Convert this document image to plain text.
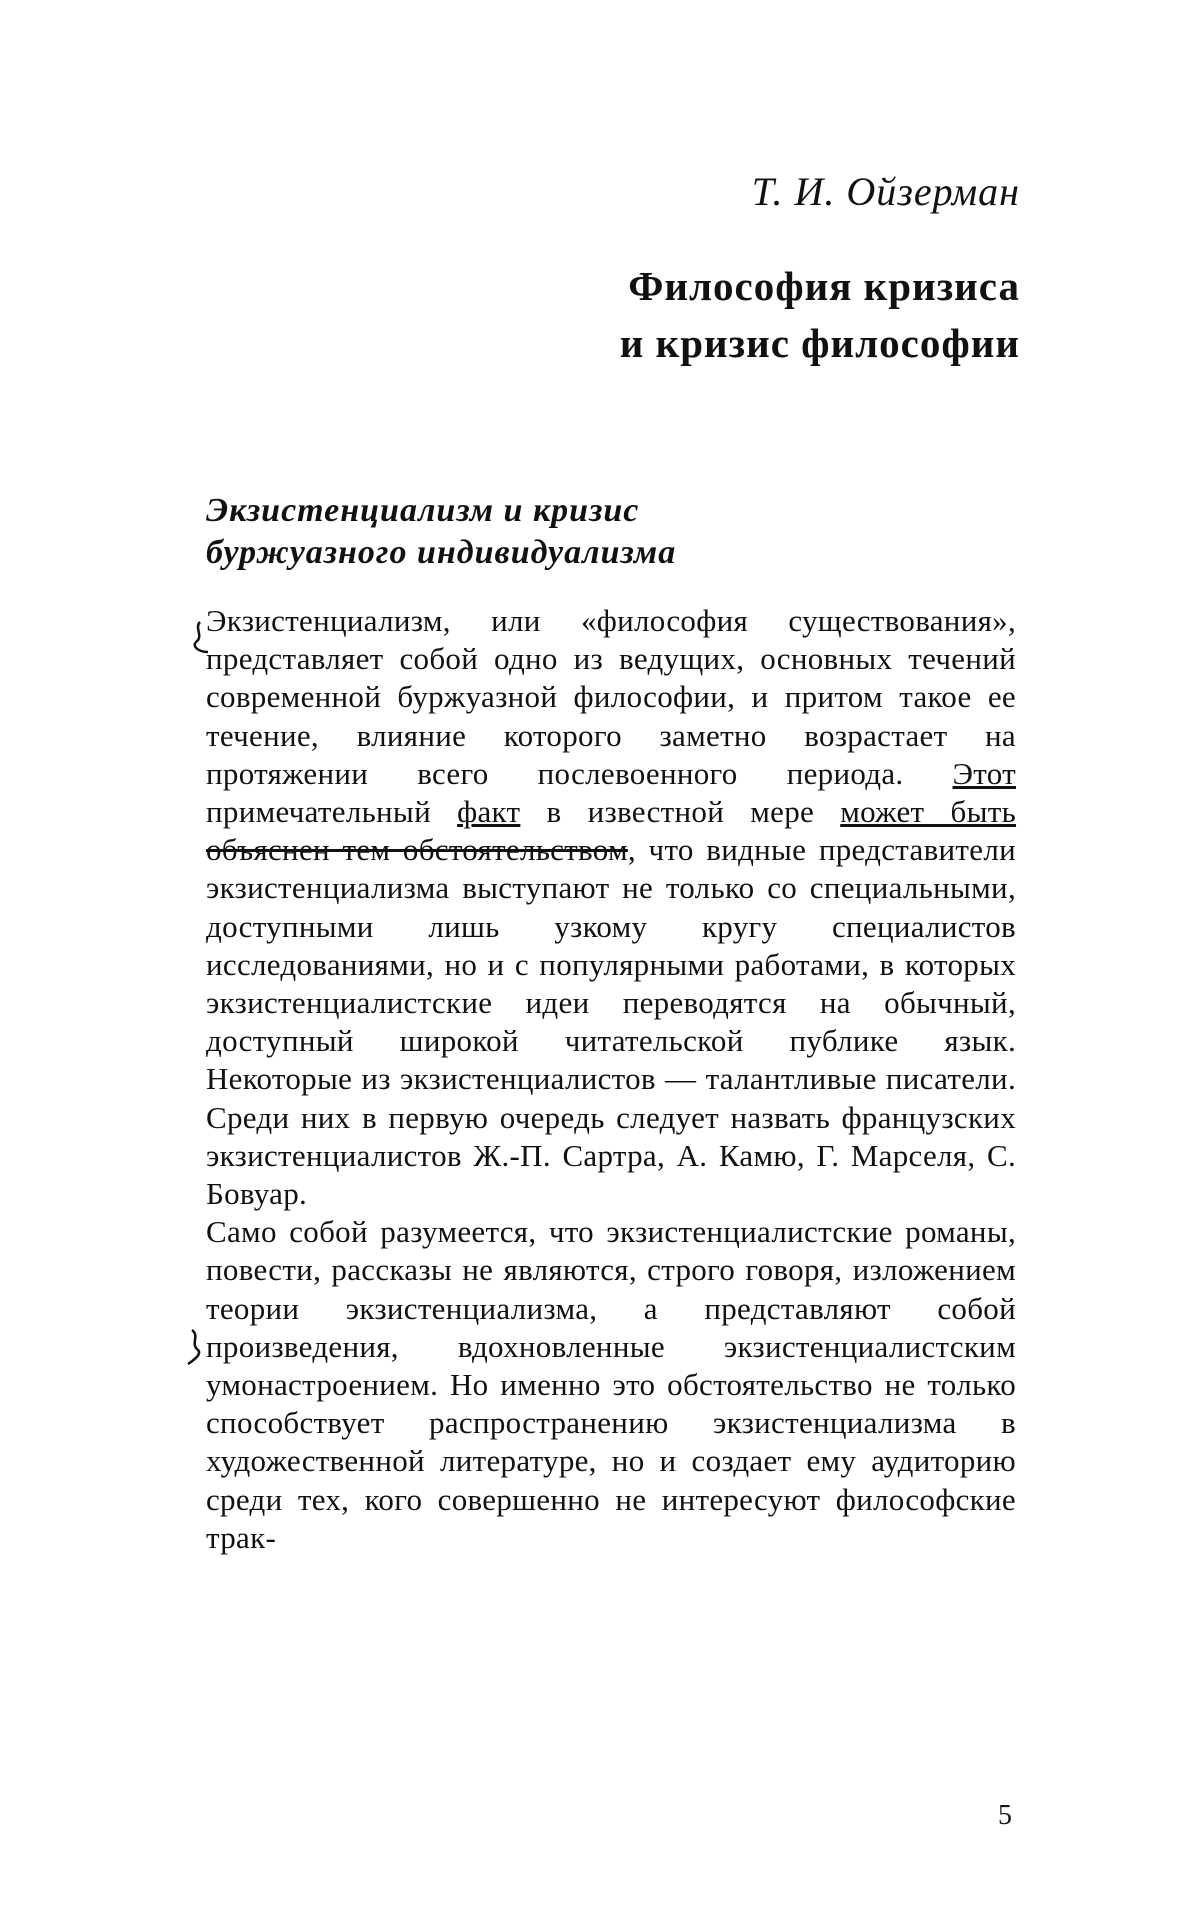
Т. И. Ойзерман

Философия кризиса
и кризис философии
Экзистенциализм и кризис
буржуазного индивидуализма

Экзистенциализм, или «философия существования», представляет собой одно из ведущих, основных течений современной буржуазной философии, и притом такое ее течение, влияние которого заметно возрастает на протяжении всего послевоенного периода. Этот примечательный факт в известной мере может быть объяснен тем обстоятельством, что видные представители экзистенциализма выступают не только со специальными, доступными лишь узкому кругу специалистов исследованиями, но и с популярными работами, в которых экзистенциалистские идеи переводятся на обычный, доступный широкой читательской публике язык. Некоторые из экзистенциалистов — талантливые писатели. Среди них в первую очередь следует назвать французских экзистенциалистов Ж.-П. Сартра, А. Камю, Г. Марселя, С. Бовуар.

Само собой разумеется, что экзистенциалистские романы, повести, рассказы не являются, строго говоря, изложением теории экзистенциализма, а представляют собой произведения, вдохновленные экзистенциалистским умонастроением. Но именно это обстоятельство не только способствует распространению экзистенциализма в художественной литературе, но и создает ему аудиторию среди тех, кого совершенно не интересуют философские трак-

5
